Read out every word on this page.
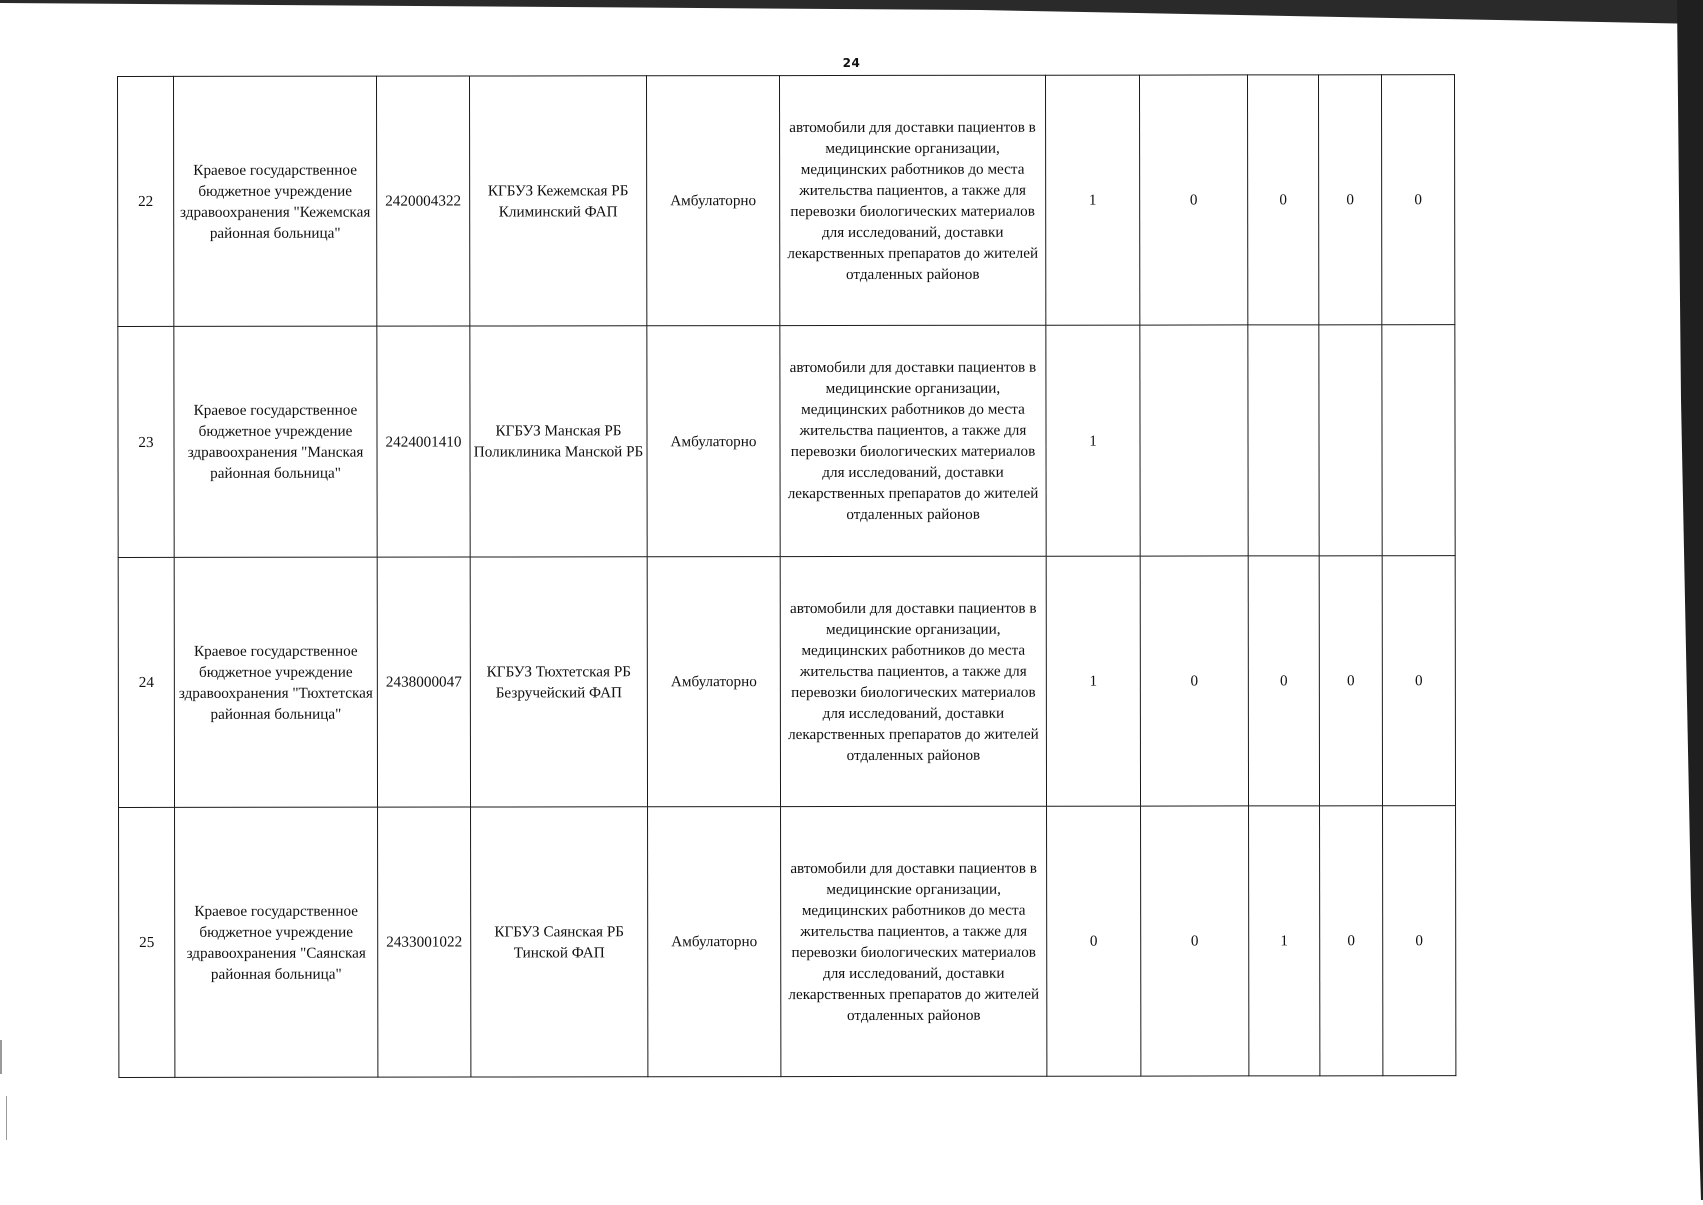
24
22	Краевое государственное бюджетное учреждение здравоохранения "Кежемская районная больница"	2420004322	КГБУЗ Кежемская РБ Климинский ФАП	Амбулаторно	автомобили для доставки пациентов в медицинские организации, медицинских работников до места жительства пациентов, а также для перевозки биологических материалов для исследований, доставки лекарственных препаратов до жителей отдаленных районов	1	0	0	0	0
23	Краевое государственное бюджетное учреждение здравоохранения "Манская районная больница"	2424001410	КГБУЗ Манская РБ Поликлиника Манской РБ	Амбулаторно	автомобили для доставки пациентов в медицинские организации, медицинских работников до места жительства пациентов, а также для перевозки биологических материалов для исследований, доставки лекарственных препаратов до жителей отдаленных районов	1				
24	Краевое государственное бюджетное учреждение здравоохранения "Тюхтетская районная больница"	2438000047	КГБУЗ Тюхтетская РБ Безручейский ФАП	Амбулаторно	автомобили для доставки пациентов в медицинские организации, медицинских работников до места жительства пациентов, а также для перевозки биологических материалов для исследований, доставки лекарственных препаратов до жителей отдаленных районов	1	0	0	0	0
25	Краевое государственное бюджетное учреждение здравоохранения "Саянская районная больница"	2433001022	КГБУЗ Саянская РБ Тинской ФАП	Амбулаторно	автомобили для доставки пациентов в медицинские организации, медицинских работников до места жительства пациентов, а также для перевозки биологических материалов для исследований, доставки лекарственных препаратов до жителей отдаленных районов	0	0	1	0	0
